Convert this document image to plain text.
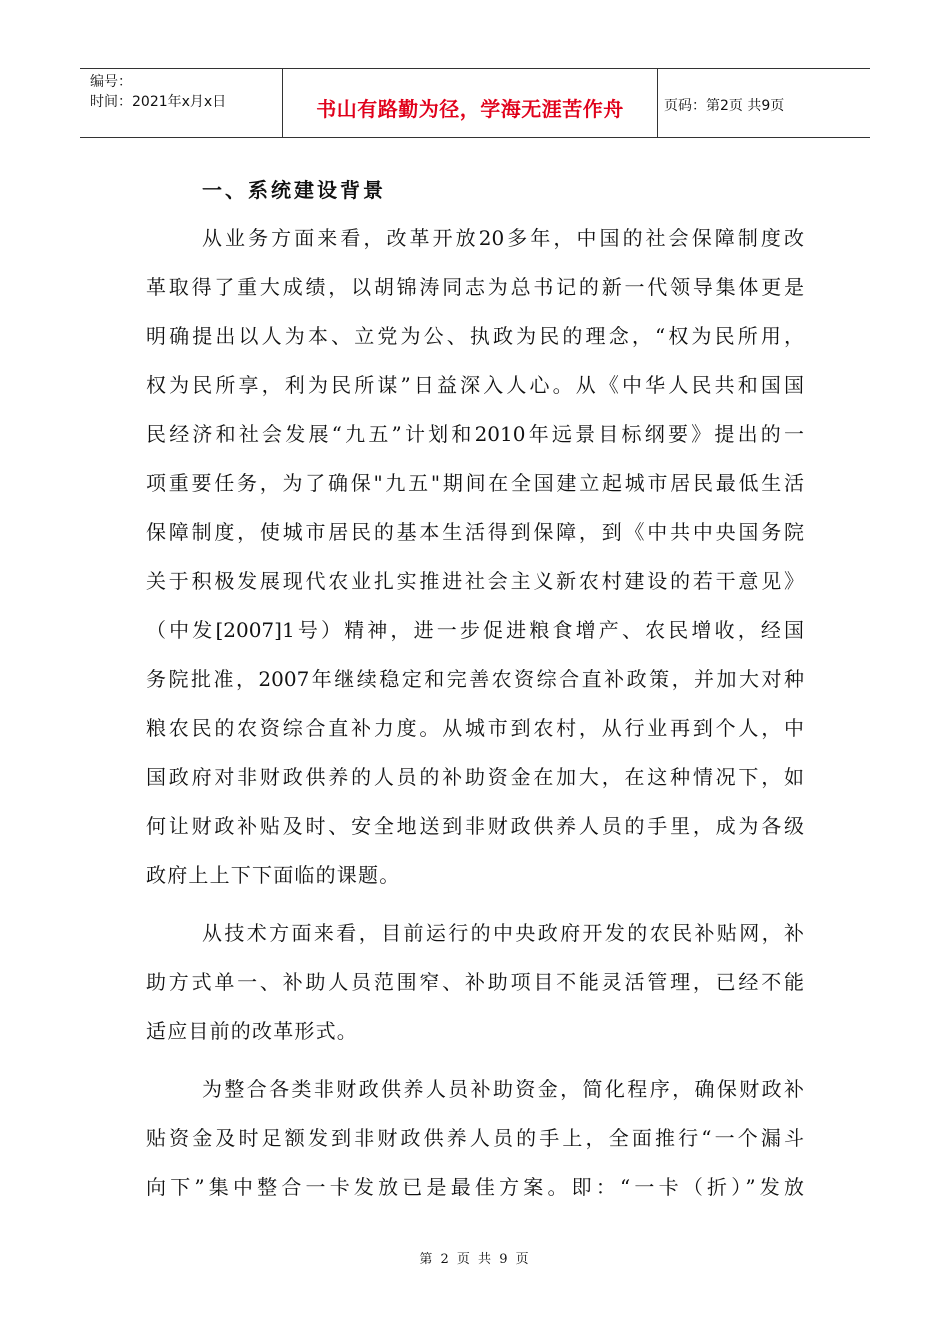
编号：
时间：2021年x月x日	书山有路勤为径，学海无涯苦作舟	页码：第2页 共9页
一、系统建设背景
从业务方面来看，改革开放20多年，中国的社会保障制度改
革取得了重大成绩，以胡锦涛同志为总书记的新一代领导集体更是
明确提出以人为本、立党为公、执政为民的理念，“权为民所用，
权为民所享，利为民所谋”日益深入人心。从《中华人民共和国国
民经济和社会发展“九五”计划和2010年远景目标纲要》提出的一
项重要任务，为了确保"九五"期间在全国建立起城市居民最低生活
保障制度，使城市居民的基本生活得到保障，到《中共中央国务院
关于积极发展现代农业扎实推进社会主义新农村建设的若干意见》
（中发[2007]1号）精神，进一步促进粮食增产、农民增收，经国
务院批准，2007年继续稳定和完善农资综合直补政策，并加大对种
粮农民的农资综合直补力度。从城市到农村，从行业再到个人，中
国政府对非财政供养的人员的补助资金在加大，在这种情况下，如
何让财政补贴及时、安全地送到非财政供养人员的手里，成为各级
政府上上下下面临的课题。
从技术方面来看，目前运行的中央政府开发的农民补贴网，补
助方式单一、补助人员范围窄、补助项目不能灵活管理，已经不能
适应目前的改革形式。
为整合各类非财政供养人员补助资金，简化程序，确保财政补
贴资金及时足额发到非财政供养人员的手上，全面推行“一个漏斗
向下”集中整合一卡发放已是最佳方案。即：“一卡（折）”发放
第 2 页 共 9 页
